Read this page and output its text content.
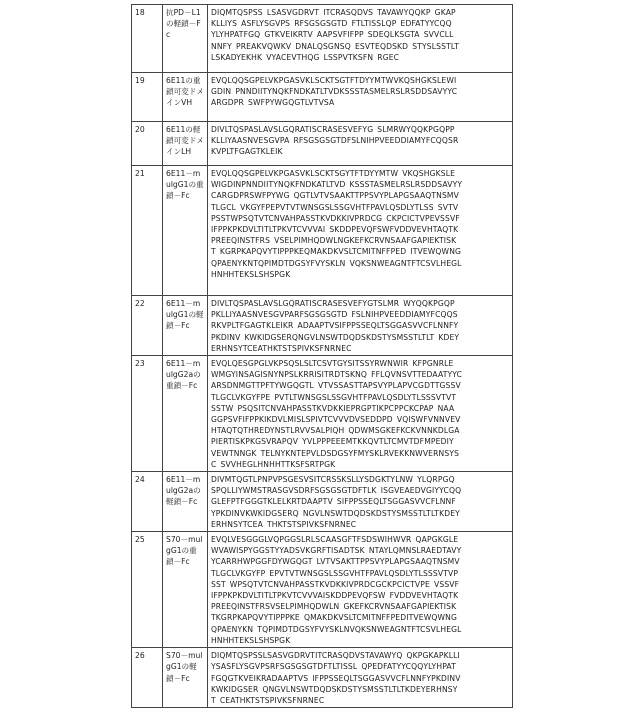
18	抗PD－L1の軽鎖－Fc	
DIQMTQSPSS LSASVGDRVT ITCRASQDVS TAVAWYQQKP GKAP
KLLIYS ASFLYSGVPS RFSGSGSGTD FTLTISSLQP EDFATYYCQQ
YLYHPATFGQ GTKVEIKRTV AAPSVFIFPP SDEQLKSGTA SVVCLL
NNFY PREAKVQWKV DNALQSGNSQ ESVTEQDSKD STYSLSSTLT
LSKADYEKHK VYACEVTHQG LSSPVTKSFN RGEC

19	6E11の重鎖可変ドメインVH	
EVQLQQSGPELVKPGASVKLSCKTSGTFTDYYMTWVKQSHGKSLEWI
GDIN PNNDIITYNQKFNDKATLTVDKSSSTASMELRSLRSDDSAVYYC
ARGDPR SWFPYWGQGTLVTVSA

20	6E11の軽鎖可変ドメインLH	
DIVLTQSPASLAVSLGQRATISCRASESVEFYG SLMRWYQQKPGQPP
KLLIYAASNVESGVPA RFSGSGSGTDFSLNIHPVEEDDIAMYFCQQSR
KVPLTFGAGTKLEIK

21	6E11－mulgG1の重鎖－Fc	
EVQLQQSGPELVKPGASVKLSCKTSGYTFTDYYMTW VKQSHGKSLE
WIGDINPNNDIITYNQKFNDKATLTVD KSSSTASMELRSLRSDDSAVYY
CARGDPRSWFPYWG QGTLVTVSAAKTTPPSVYPLAPGSAAQTNSMV
TLGCL VKGYFPEPVTVTWNSGSLSSGVHTFPAVLQSDLYTLSS SVTV
PSSTWPSQTVTCNVAHPASSTKVDKKIVPRDCG CKPCICTVPEVSSVF
IFPPKPKDVLTITLTPKVTCVVVAI SKDDPEVQFSWFVDDVEVHTAQTK
PREEQINSTFRS VSELPIMHQDWLNGKEFKCRVNSAAFGAPIEKTISK
T KGRPKAPQVYTIPPPKEQMAKDKVSLTCMITNFFPED ITVEWQWNG
QPAENYKNTQPIMDTDGSYFVYSKLN VQKSNWEAGNTFTCSVLHEGL
HNHHTEKSLSHSPGK

22	6E11－mulgG1の軽鎖－Fc	
DIVLTQSPASLAVSLGQRATISCRASESVEFYGTSLMR WYQQKPGQP
PKLLIYAASNVESGVPARFSGSGSGTD FSLNIHPVEEDDIAMYFCQQS
RKVPLTFGAGTKLEIKR ADAAPTVSIFPPSSEQLTSGGASVVCFLNNFY
PKDINV KWKIDGSERQNGVLNSWTDQDSKDSTYSMSSTLTLT KDEY
ERHNSYTCEATHKTSTSPIVKSFNRNEC

23	6E11－mulgG2aの重鎖－Fc	
EVQLQESGPGLVKPSQSLSLTCSVTGYSITSSYRWNWIR KFPGNRLE
WMGYINSAGISNYNPSLKRRISITRDTSKNQ FFLQVNSVTTEDAATYYC
ARSDNMGTTPFTYWGQGTL VTVSSASTTAPSVYPLAPVCGDTTGSSV
TLGCLVKGYFPE PVTLTWNSGSLSSGVHTFPAVLQSDLYTLSSSVTVT
SSTW PSQSITCNVAHPASSTKVDKKIEPRGPTIKPCPPCKCPAP NAA
GGPSVFIFPPKIKDVLMISLSPIVTCVVVDVSEDDPD VQISWFVNNVEV
HTAQTQTHREDYNSTLRVVSALPIQH QDWMSGKEFKCKVNNKDLGA
PIERTISKPKGSVRAPQV YVLPPPEEEMTKKQVTLTCMVTDFMPEDIY
VEWTNNGK TELNYKNTEPVLDSDGSYFMYSKLRVEKKNWVERNSYS
C SVVHEGLHNHHTTKSFSRTPGK

24	6E11－mulgG2aの軽鎖－Fc	
DIVMTQGTLPNPVPSGESVSITCRSSKSLLYSDGKTYLNW YLQRPGQ
SPQLLIYWMSTRASGVSDRFSGSGSGTDFTLK ISGVEAEDVGIYYCQQ
GLEFPTFGGGTKLELKRTDAAPTV SIFPPSSEQLTSGGASVVCFLNNF
YPKDINVKWKIDGSERQ NGVLNSWTDQDSKDSTYSMSSTLTLTKDEY
ERHNSYTCEA THKTSTSPIVKSFNRNEC

25	S70－mulgG1の重鎖－Fc	
EVQLVESGGGLVQPGGSLRLSCAASGFTFSDSWIHWVR QAPGKGLE
WVAWISPYGGSTYYADSVKGRFTISADTSK NTAYLQMNSLRAEDTAVY
YCARRHWPGGFDYWGQGT LVTVSAKTTPPSVYPLAPGSAAQTNSMV
TLGCLVKGYFP EPVTVTWNSGSLSSGVHTFPAVLQSDLYTLSSSVTVP
SST WPSQTVTCNVAHPASSTKVDKKIVPRDCGCKPCICTVPE VSSVF
IFPPKPKDVLTITLTPKVTCVVVAISKDDPEVQFSW FVDDVEVHTAQTK
PREEQINSTFRSVSELPIMHQDWLN GKEFKCRVNSAAFGAPIEKTISK
TKGRPKAPQVYTIPPPKE QMAKDKVSLTCMITNFFPEDITVEWQWNG
QPAENYKN TQPIMDTDGSYFVYSKLNVQKSNWEAGNTFTCSVLHEGL
HNHHTEKSLSHSPGK

26	S70－mulgG1の軽鎖－Fc	
DIQMTQSPSSLSASVGDRVTITCRASQDVSTAVAWYQ QKPGKAPKLLI
YSASFLYSGVPSRFSGSGSGTDFTLTISSL QPEDFATYYCQQYLYHPAT
FGQGTKVEIKRADAAPTVS IFPPSSEQLTSGGASVVCFLNNFYPKDINV
KWKIDGSER QNGVLNSWTDQDSKDSTYSMSSTLTLTKDEYERHNSY
T CEATHKTSTSPIVKSFNRNEC
